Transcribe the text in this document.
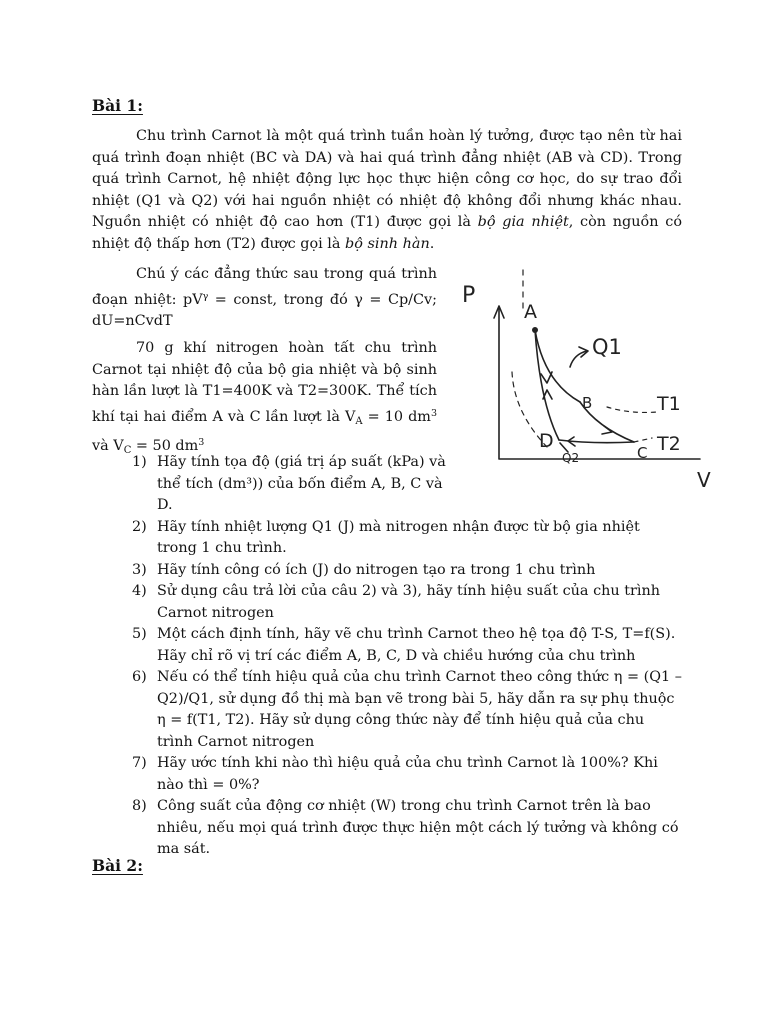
Bài 1:

Chu trình Carnot là một quá trình tuần hoàn lý tưởng, được tạo nên từ hai quá trình đoạn nhiệt (BC và DA) và hai quá trình đẳng nhiệt (AB và CD). Trong quá trình Carnot, hệ nhiệt động lực học thực hiện công cơ học, do sự trao đổi nhiệt (Q1 và Q2) với hai nguồn nhiệt có nhiệt độ không đổi nhưng khác nhau. Nguồn nhiệt có nhiệt độ cao hơn (T1) được gọi là bộ gia nhiệt, còn nguồn có nhiệt độ thấp hơn (T2) được gọi là bộ sinh hàn.

Chú ý các đẳng thức sau trong quá trình đoạn nhiệt: $pV^\gamma$ = const, trong đó γ = Cp/Cv; dU=nCvdT

70 g khí nitrogen hoàn tất chu trình Carnot tại nhiệt độ của bộ gia nhiệt và bộ sinh hàn lần lượt là T1=400K và T2=300K. Thể tích khí tại hai điểm A và C lần lượt là $V_A = 10$ $dm^3$ và $V_C = 50$ $dm^3$

1) Hãy tính tọa độ (giá trị áp suất (kPa) và thể tích (dm³)) của bốn điểm A, B, C và D.
2) Hãy tính nhiệt lượng Q1 (J) mà nitrogen nhận được từ bộ gia nhiệt trong 1 chu trình.
3) Hãy tính công có ích (J) do nitrogen tạo ra trong 1 chu trình
4) Sử dụng câu trả lời của câu 2) và 3), hãy tính hiệu suất của chu trình Carnot nitrogen
5) Một cách định tính, hãy vẽ chu trình Carnot theo hệ tọa độ T-S, T=f(S). Hãy chỉ rõ vị trí các điểm A, B, C, D và chiều hướng của chu trình
6) Nếu có thể tính hiệu quả của chu trình Carnot theo công thức η = (Q1 – Q2)/Q1, sử dụng đồ thị mà bạn vẽ trong bài 5, hãy dẫn ra sự phụ thuộc η = f(T1, T2). Hãy sử dụng công thức này để tính hiệu quả của chu trình Carnot nitrogen
7) Hãy ước tính khi nào thì hiệu quả của chu trình Carnot là 100%? Khi nào thì = 0%?
8) Công suất của động cơ nhiệt (W) trong chu trình Carnot trên là bao nhiêu, nếu mọi quá trình được thực hiện một cách lý tưởng và không có ma sát.
P
V
A
B
C
D
Q1
Q2
T1
T2
Bài 2:
